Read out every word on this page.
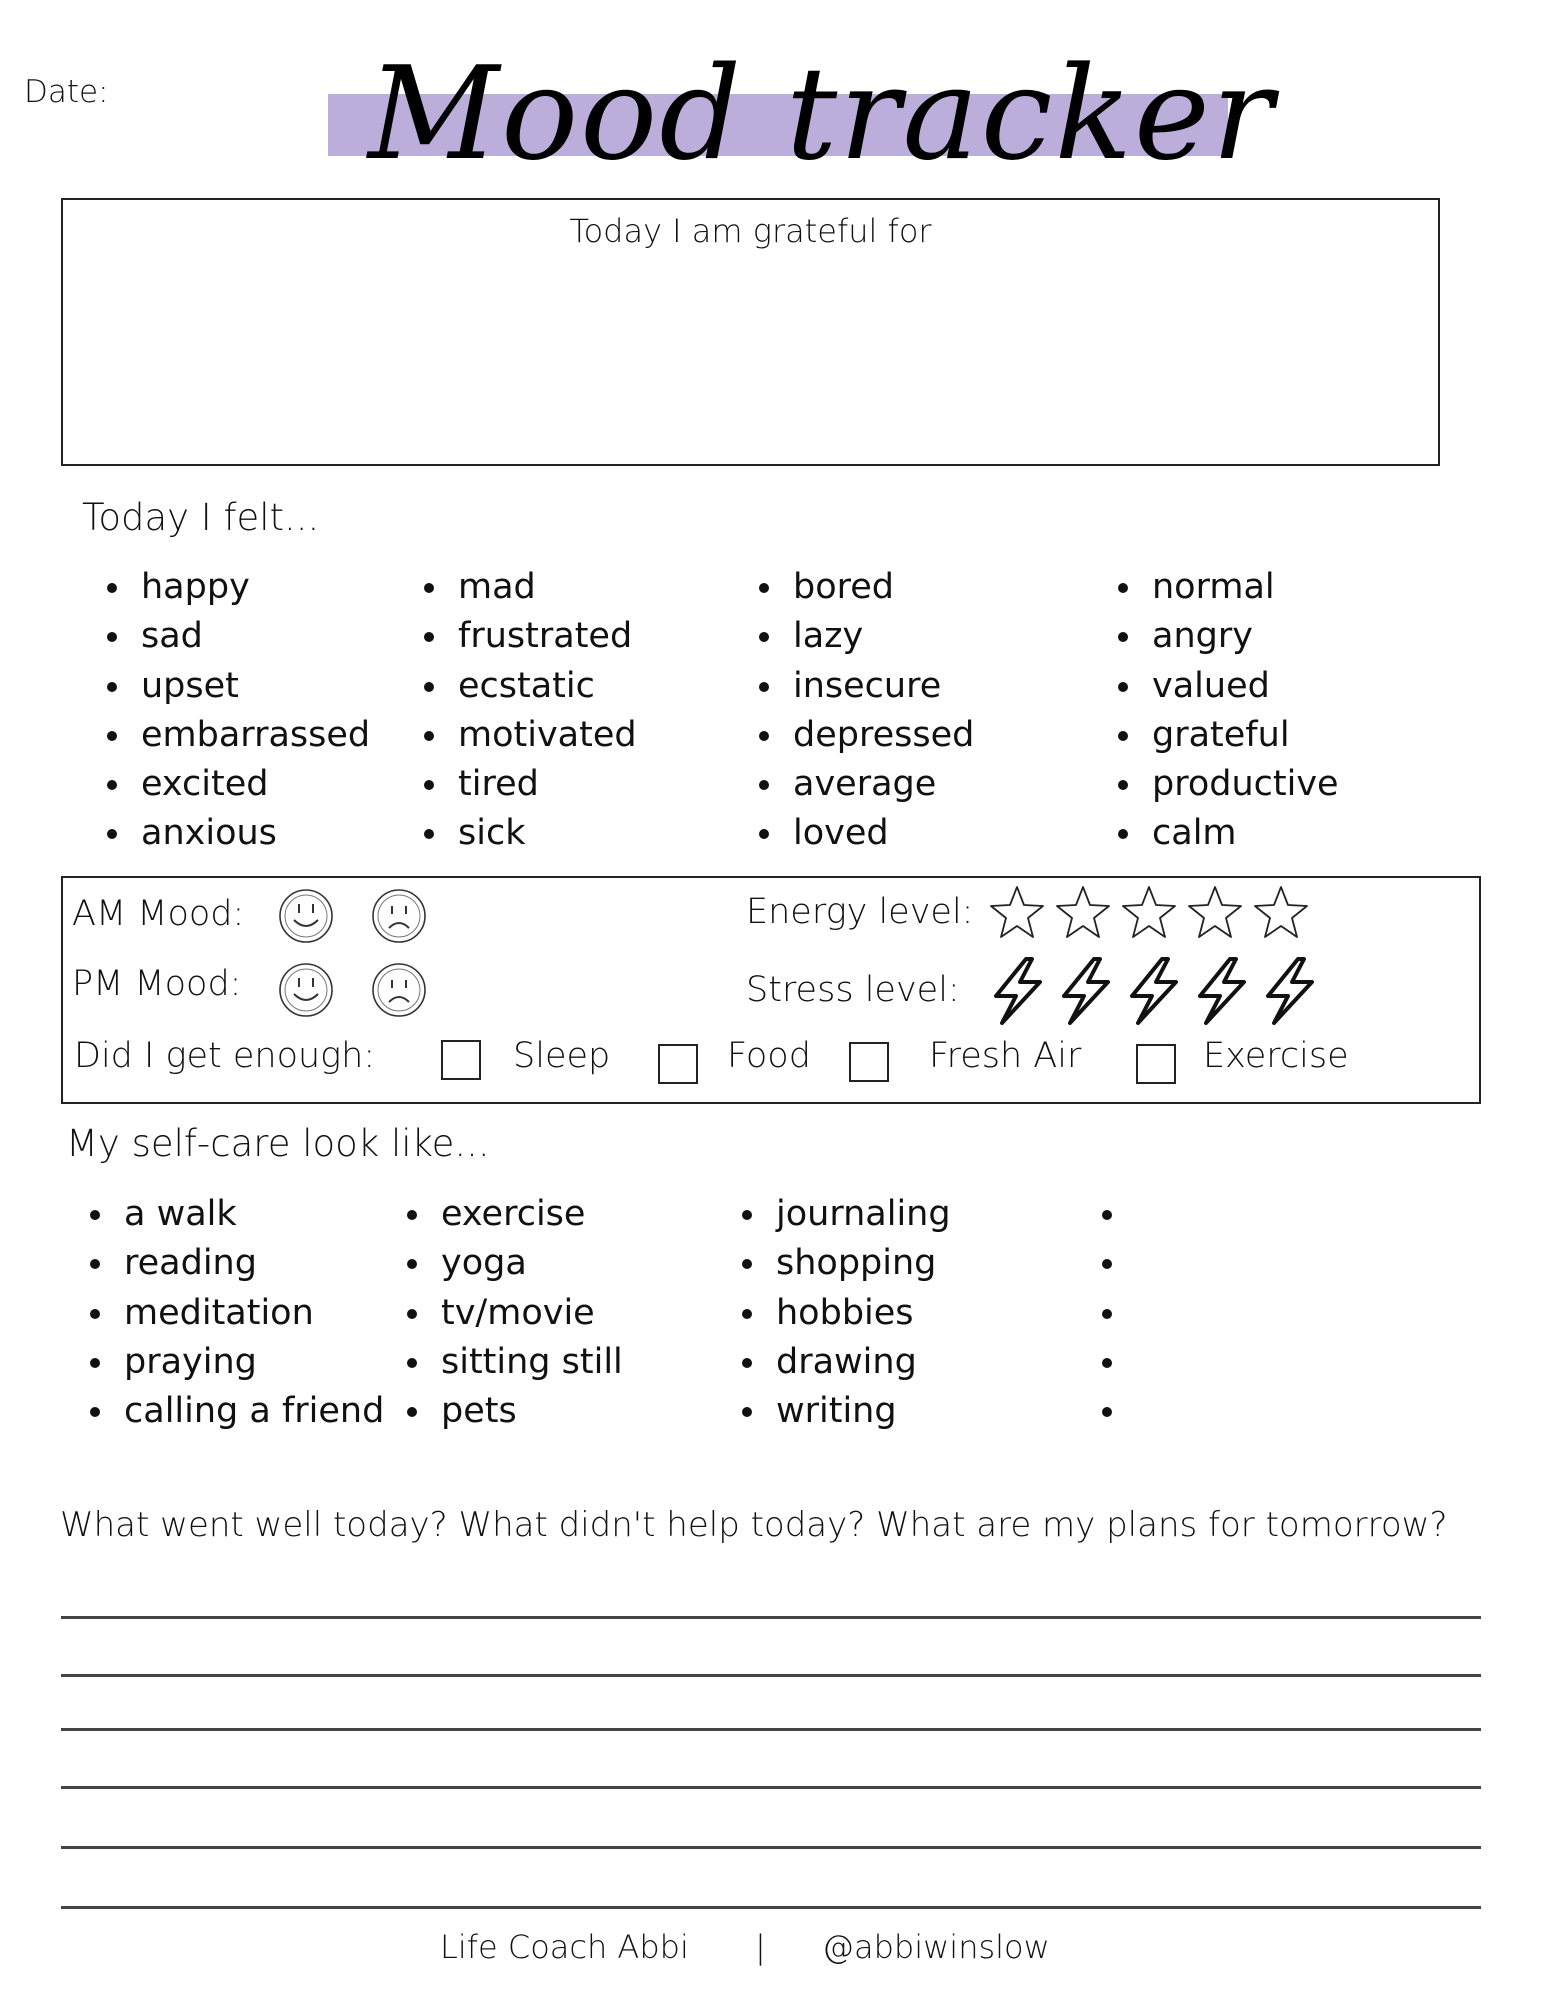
Date: Mood tracker
Today I am grateful for
Today I felt...
happy
sad
upset
embarrassed
excited
anxious
mad
frustrated
ecstatic
motivated
tired
sick
bored
lazy
insecure
depressed
average
loved
normal
angry
valued
grateful
productive
calm
AM Mood:
PM Mood:
Energy level:
Stress level:
Did I get enough:	Sleep	Food	Fresh Air	Exercise
My self-care look like...
a walk
reading
meditation
praying
calling a friend
exercise
yoga
tv/movie
sitting still
pets
journaling
shopping
hobbies
drawing
writing
What went well today? What didn't help today? What are my plans for tomorrow?
Life Coach Abbi | @abbiwinslow
